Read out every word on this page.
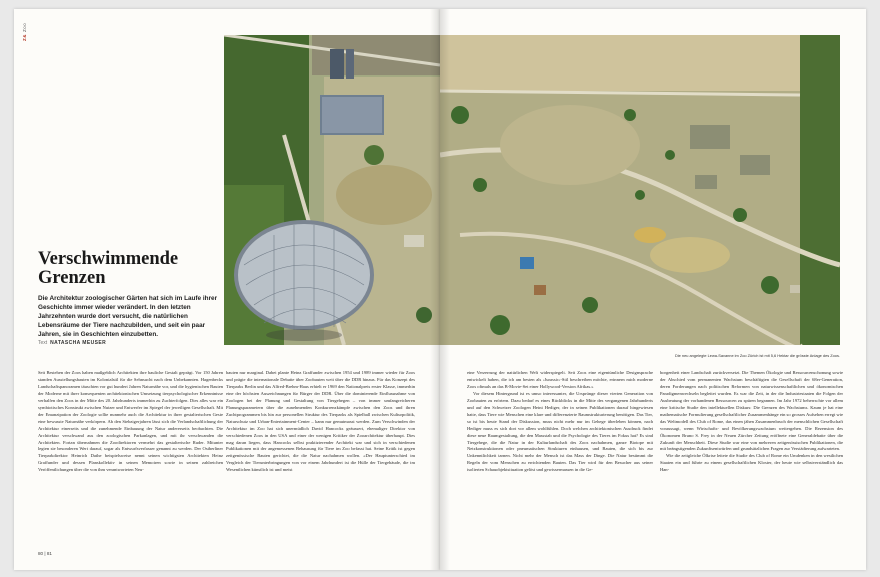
Z&Zoo
Verschwimmende Grenzen

Die Architektur zoologischer Gärten hat sich im Laufe ihrer Geschichte immer wieder verändert. In den letzten Jahrzehnten wurde dort versucht, die natürlichen Lebensräume der Tiere nachzubilden, und seit ein paar Jahren, sie in Geschichten einzubetten.

Text NATASCHA MEUSER

Seit Bestehen der Zoos haben maßgeblich Architekten ihre bauliche Gestalt geprägt. Vor 150 Jahren standen Ausstellungsbauten im Kolonialstil für die Sehnsucht nach dem Unbekannten. Hagenbecks Landschaftspanoramen täuschten vor gut hundert Jahren Naturnähe vor, und die hygienischen Bauten der Moderne mit ihrer konsequenten architektonischen Umsetzung tierpsychologischer Erkenntnisse verhalfen den Zoos in der Mitte des 20. Jahrhunderts immerhin zu Zuchterfolgen. Dies alles war ein symbiotisches Konstrukt zwischen Nutzer und Entwerfer im Spiegel der jeweiligen Gesellschaft. Mit der Emanzipation der Zoologie sollte nunmehr auch die Architektur in ihrer gestalterischen Geste eine bewusste Naturnähe verkörpern. Ab den Siebzigerjahren lässt sich die Verlandschaftlichung der Architektur einerseits und die zunehmende Einbauung der Natur andererseits beobachten. Die Architektur verschwand aus den zoologischen Parkanlagen, und mit ihr verschwanden die Architekten. Fortan übernahmen die Zoodirektoren vermehrt das gestalterische Ruder. Mitunter legten sie besonderen Wert darauf, sogar als Entwurfsverfasser genannt zu werden. Der Ostberliner Tierparkdirektor Heinrich Dathe beispielsweise nennt seinen wichtigsten Architekten Heinz Graffunder und dessen Planskollektiv in seinen Memoiren sowie in seinen zahlreichen Veröffentlichungen über die von ihm verantworteten Neu-

bauten nur marginal. Dabei plante Heinz Graffunder zwischen 1954 und 1989 immer wieder für Zoos und prägte die internationale Debatte über Zoobauten weit über die DDR hinaus. Für das Konzept des Tierparks Berlin und das Alfred-Brehm-Haus erhielt er 1969 den Nationalpreis erster Klasse, immerhin eine der höchsten Auszeichnungen für Bürger der DDR. Über die dominierende Einflussnahme von Zoologen bei der Planung und Gestaltung von Tiergehegen – von immer umfangreicheren Planungsparametern über die zunehmenden Konkurrenzkämpfe zwischen den Zoos und ihren Zuchtprogrammen bis hin zur personellen Struktur des Tierparks als Spielball zwischen Kulturpolitik, Naturschutz und Urban-Entertainment-Center – kann nur gemutmasst werden. Zum Verschwinden der Architektur im Zoo hat sich unermüdlich David Hancocks geäussert, ehemaliger Direktor von verschiedenen Zoos in den USA und einer der wenigen Kritiker der Zooarchitektur überhaupt. Dies mag daran liegen, dass Hancocks selbst praktizierender Architekt war und sich in verschiedenen Publikationen mit der angemessenen Behausung für Tiere im Zoo befasst hat. Seine Kritik ist gegen zeitgenössische Bauten gerichtet, die die Natur nachahmen wollen. «Der Hauptunterschied im Vergleich der Tierunterbringungen von vor einem Jahrhundert ist die Hülle der Tiergebäude, die im Wesentlichen künstlich ist und meist

80 | 81
Die neu angelegte Lewa-Savanne im Zoo Zürich ist mit 5,6 Hektar die grösste Anlage des Zoos.

eine Verzerrung der natürlichen Welt widerspiegelt. Seit Zoos eine eigentümliche Designsprache entwickelt haben, die ich am besten als ‹Jurassic›-Stil beschreiben möchte, erinnern mich moderne Zoos oftmals an das B-Movie-Set einer Hollywood-Version Afrikas.»

Vor diesem Hintergrund ist es umso interessanter, die Ursprünge dieser vierten Generation von Zoobauten zu erörtern. Dazu bedarf es eines Rückblicks in die Mitte des vergangenen Jahrhunderts und auf den Schweizer Zoologen Heini Hediger, der in seinen Publikationen darauf hingewiesen hatte, dass Tiere wie Menschen eine klare und differenzierte Raumstrukturierung benötigen. Das Tier, so ist bis heute Stand der Diskussion, muss nicht mehr nur im Gehege überleben können, nach Hediger muss es sich dort vor allem wohlfühlen. Doch welchen architektonischen Ausdruck findet diese neue Raumgestaltung, die den Massstab und die Psychologie des Tieres im Fokus hat? Es sind Tiergehege, die die Natur in der Kulturlandschaft des Zoos nachahmen, ganze Biotope mit Netzkonstruktionen oder pneumatischen Strukturen einhausen, und Bauten, die sich bis zur Unkenntlichkeit tarnen. Nicht mehr der Mensch ist das Mass der Dinge. Die Natur bestimmt die Regeln der vom Menschen zu errichtenden Bauten. Das Tier wird für den Besucher aus seiner isolierten Schauobjektsituation gelöst und gewissermassen in die Ge-

borgenheit einer Landschaft zurückversetzt. Die Themen Ökologie und Ressourcenschonung sowie der Abschied vom permanenten Wachstum beschäftigten die Gesellschaft der 68er-Generation, deren Forderungen nach politischen Reformen von naturwissenschaftlichen und ökonomischen Paradigmenwechseln begleitet wurden. Es war die Zeit, in der die Industriestaaten die Folgen der Ausbeutung der vorhandenen Ressourcen zu spüren begannen. Im Jahr 1972 beherrschte vor allem eine kritische Studie den intellektuellen Diskurs: Die Grenzen des Wachstums. Kaum je hat eine mathematische Formulierung gesellschaftlicher Zusammenhänge ein so grosses Aufsehen erregt wie das Weltmodell des Club of Rome, das einen jähen Zusammenbruch der menschlichen Gesellschaft voraussagt, wenn Wirtschafts- und Bevölkerungswachstum weitergehen. Die Rezension des Ökonomen Bruno S. Frey in der Neuen Zürcher Zeitung eröffnete eine Generaldebatte über die Zukunft der Menschheit. Diese Studie war eine von mehreren zeitgenössischen Publikationen, die mit beängstigenden Zukunftsentwürfen und grundsätzlichen Fragen zur Verstädterung aufwarteten.

Wie die zeitgleiche Ölkrise leitete die Studie des Club of Rome ein Umdenken in den westlichen Staaten ein und führte zu einem gesellschaftlichen Kloster, der heute wie selbstverständlich das Han-
